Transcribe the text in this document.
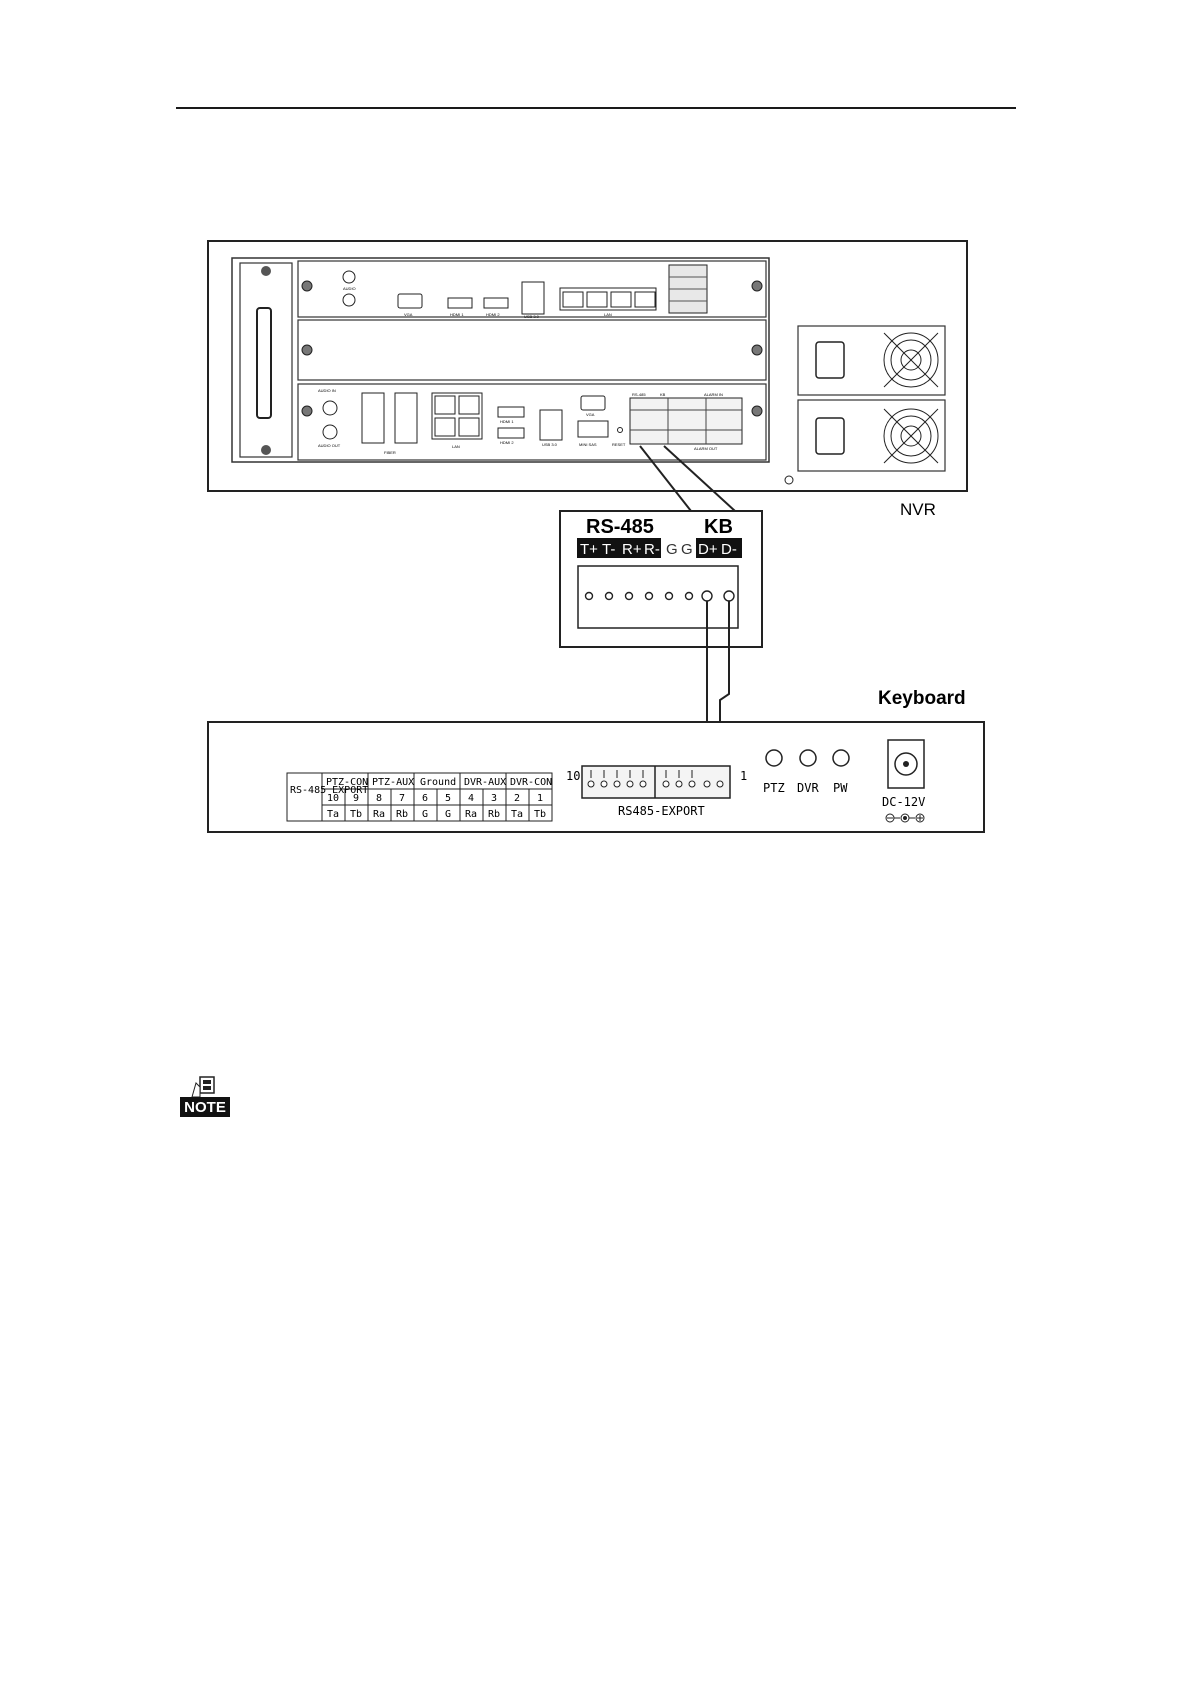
AUDIO
VGA	HDMI 1	HDMI 2	USB 3.0	LAN
AUDIO IN
AUDIO OUT
FIBER
LAN
HDMI 1
HDMI 2	USB 3.0	MINI SAS
VGA
RESET
RS-485	KB	ALARM IN
ALARM OUT
NVR
RS-485	KB
T+ T- R+ R- G G D+ D-
Keyboard
RS-485 EXPORT
PTZ-CON PTZ-AUX Ground DVR-AUX DVR-CON
10 9 8 7 6 5 4 3 2 1
Ta Tb Ra Rb G G Ra Rb Ta Tb
10	1
RS485-EXPORT
PTZ DVR PW
DC-12V
NOTE
